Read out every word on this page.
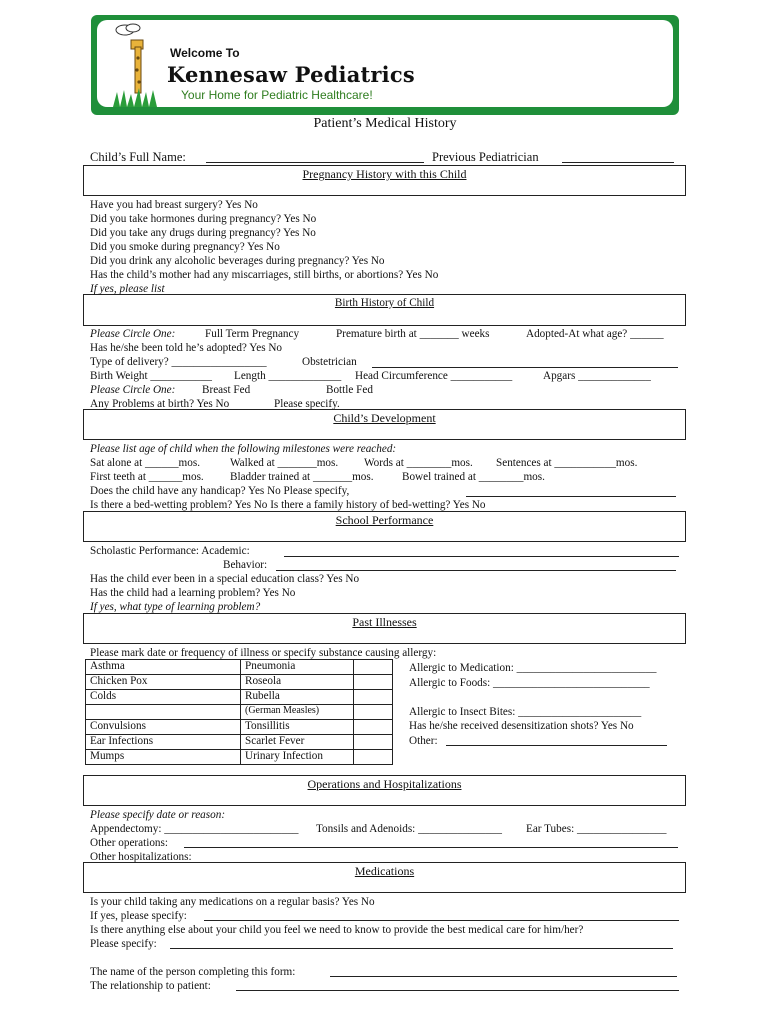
Welcome To
Kennesaw Pediatrics
Your Home for Pediatric Healthcare!
Patient’s Medical History
Child’s Full Name:	Previous Pediatrician
Pregnancy History with this Child
Have you had breast surgery? Yes No
Did you take hormones during pregnancy? Yes No
Did you take any drugs during pregnancy? Yes No
Did you smoke during pregnancy? Yes No
Did you drink any alcoholic beverages during pregnancy? Yes No
Has the child’s mother had any miscarriages, still births, or abortions? Yes No
If yes, please list
Birth History of Child
Please Circle One:	Full Term Pregnancy	Premature birth at _______ weeks	Adopted-At what age? ______
Has he/she been told he’s adopted? Yes No
Type of delivery? _________________	Obstetrician
Birth Weight ___________ Length _____________ Head Circumference ___________	Apgars _____________
Please Circle One: Breast Fed	Bottle Fed
Any Problems at birth? Yes No	Please specify.
Child’s Development
Please list age of child when the following milestones were reached:
Sat alone at ______mos.	Walked at _______mos. Words at ________mos. Sentences at ___________mos.
First teeth at ______mos. Bladder trained at _______mos.	Bowel trained at ________mos.
Does the child have any handicap? Yes No Please specify,
Is there a bed-wetting problem? Yes No Is there a family history of bed-wetting? Yes No
School Performance
Scholastic Performance: Academic:
Behavior:
Has the child ever been in a special education class? Yes No
Has the child had a learning problem? Yes No
If yes, what type of learning problem?
Past Illnesses
Please mark date or frequency of illness or specify substance causing allergy:
Asthma	Pneumonia	
Chicken Pox	Roseola	
Colds	Rubella	
	(German Measles)	
Convulsions	Tonsillitis	
Ear Infections	Scarlet Fever	
Mumps	Urinary Infection	
Allergic to Medication: _________________________
Allergic to Foods: ____________________________
Allergic to Insect Bites: ______________________
Has he/she received desensitization shots? Yes No
Other:
Operations and Hospitalizations
Please specify date or reason:
Appendectomy: ________________________ Tonsils and Adenoids: _______________ Ear Tubes: ________________
Other operations:
Other hospitalizations:
Medications
Is your child taking any medications on a regular basis? Yes No
If yes, please specify:
Is there anything else about your child you feel we need to know to provide the best medical care for him/her?
Please specify:
The name of the person completing this form:
The relationship to patient:
